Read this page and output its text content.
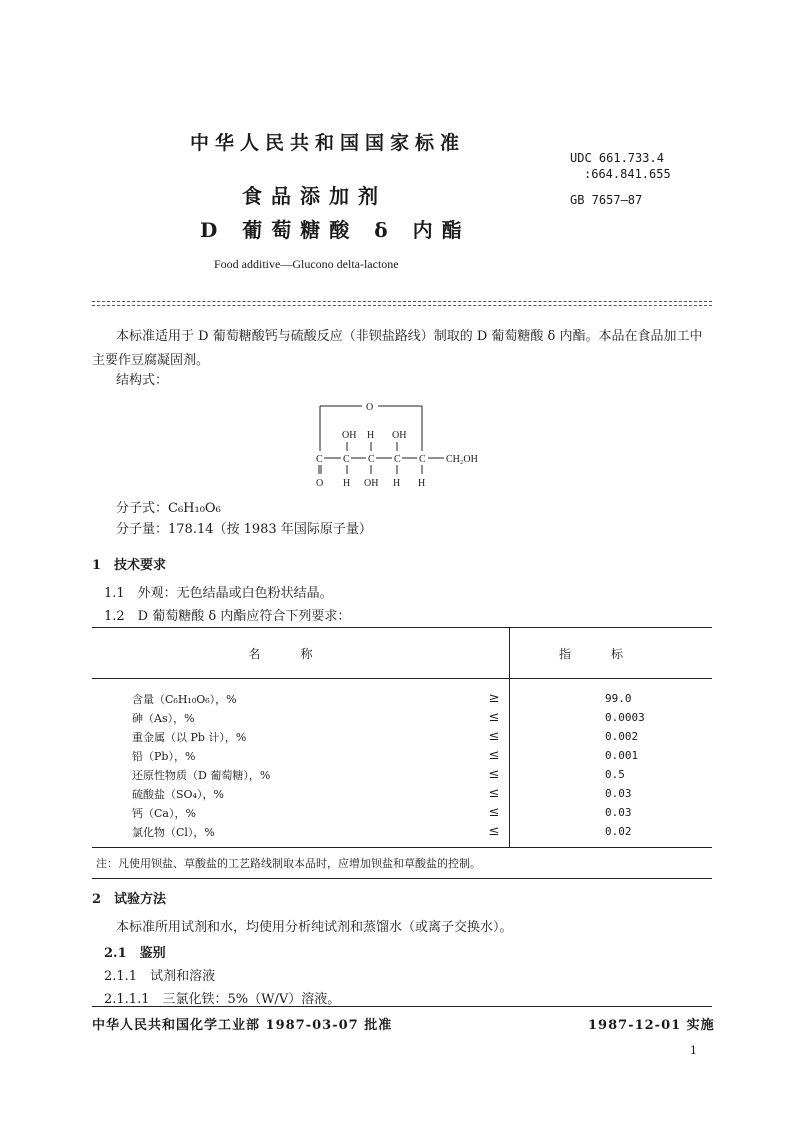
中华人民共和国国家标准
UDC 661.733.4
:664.841.655
GB 7657—87
食品添加剂
D 葡萄糖酸 δ 内酯
Food additive—Glucono delta-lactone
本标准适用于 D 葡萄糖酸钙与硫酸反应（非钡盐路线）制取的 D 葡萄糖酸 δ 内酯。本品在食品加工中主要作豆腐凝固剂。
结构式：
O
OH H OH
C C C C C CH₂OH
O H OH H H
分子式：C₆H₁₀O₆
分子量：178.14（按 1983 年国际原子量）
1　技术要求
1.1　外观：无色结晶或白色粉状结晶。
1.2　D 葡萄糖酸 δ 内酯应符合下列要求：
名称		指标
含量（C₆H₁₀O₆），%	≥	99.0
砷（As），%	≤	0.0003
重金属（以 Pb 计），%	≤	0.002
铅（Pb），%	≤	0.001
还原性物质（D 葡萄糖），%	≤	0.5
硫酸盐（SO₄），%	≤	0.03
钙（Ca），%	≤	0.03
氯化物（Cl），%	≤	0.02
注：凡使用钡盐、草酸盐的工艺路线制取本品时，应增加钡盐和草酸盐的控制。		
2　试验方法
本标准所用试剂和水，均使用分析纯试剂和蒸馏水（或离子交换水）。
2.1　鉴别
2.1.1　试剂和溶液
2.1.1.1　三氯化铁：5%（W/V）溶液。
中华人民共和国化学工业部 1987-03-07 批准	1987-12-01 实施
1
